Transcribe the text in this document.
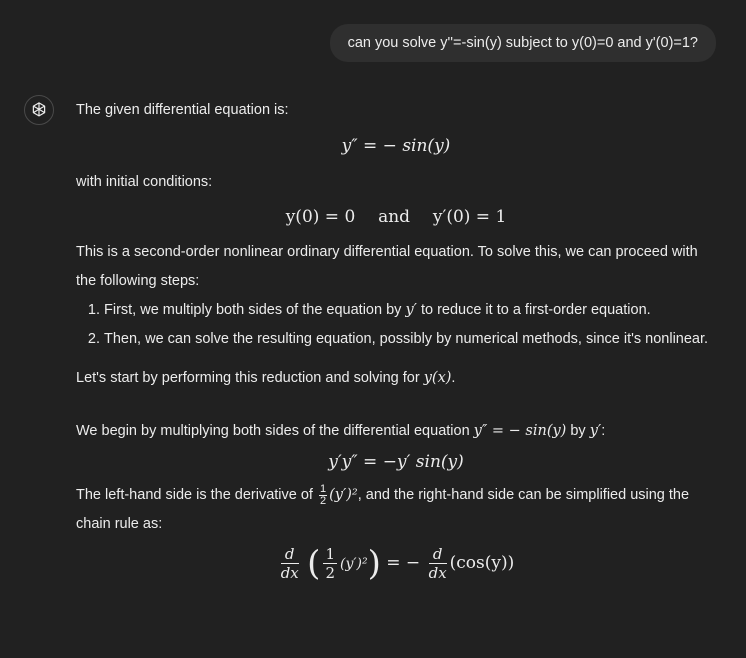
can you solve y''=-sin(y) subject to y(0)=0 and y'(0)=1?

The given differential equation is:

y″ = − sin(y)

with initial conditions:

y(0) = 0 and y′(0) = 1

This is a second-order nonlinear ordinary differential equation. To solve this, we can proceed with the following steps:

1. First, we multiply both sides of the equation by y′ to reduce it to a first-order equation.
2. Then, we can solve the resulting equation, possibly by numerical methods, since it's nonlinear.

Let's start by performing this reduction and solving for y(x).

We begin by multiplying both sides of the differential equation y″ = − sin(y) by y′:

y′y″ = −y′ sin(y)

The left-hand side is the derivative of $\frac{1}{2} (y')^2$, and the right-hand side can be simplified using the chain rule as:

$\frac{d}{dx}$ ( $\frac{1}{2} (y')^2$) = − $\frac{d}{dx} (\cos(y))$
